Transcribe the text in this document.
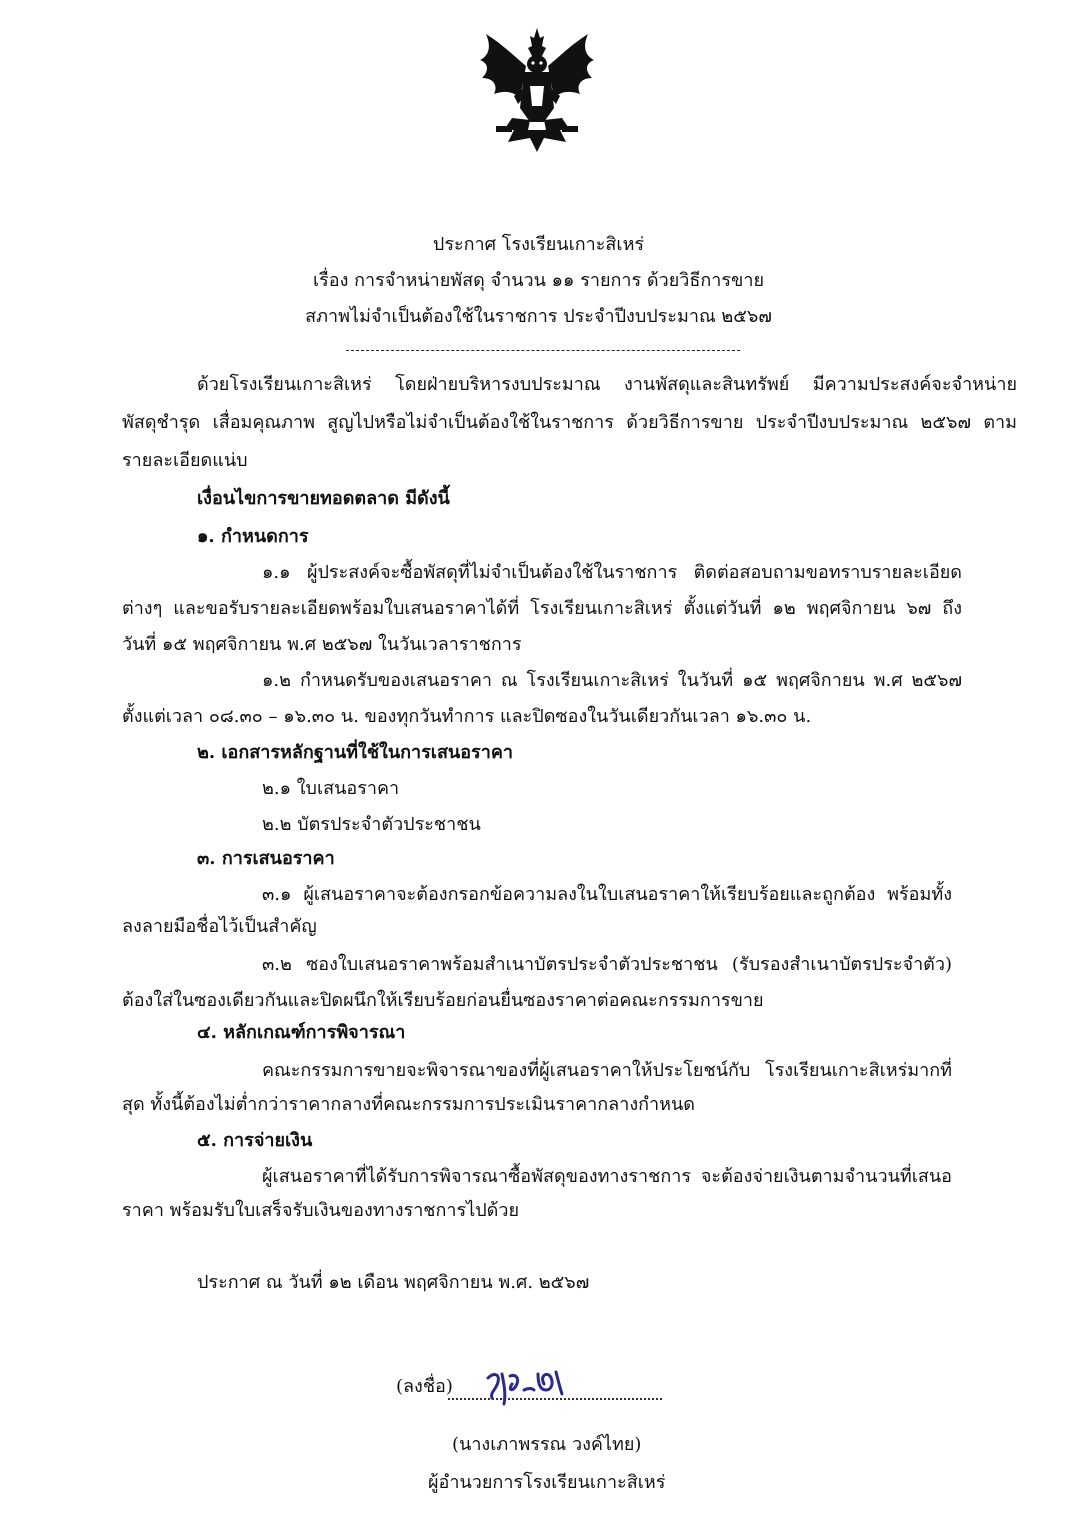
ประกาศ โรงเรียนเกาะสิเหร่
เรื่อง การจำหน่ายพัสดุ จำนวน ๑๑ รายการ ด้วยวิธีการขาย
สภาพไม่จำเป็นต้องใช้ในราชการ ประจำปีงบประมาณ ๒๕๖๗
ด้วยโรงเรียนเกาะสิเหร่ โดยฝ่ายบริหารงบประมาณ งานพัสดุและสินทรัพย์ มีความประสงค์จะจำหน่าย
พัสดุชำรุด เสื่อมคุณภาพ สูญไปหรือไม่จำเป็นต้องใช้ในราชการ ด้วยวิธีการขาย ประจำปีงบประมาณ ๒๕๖๗ ตาม
รายละเอียดแน่บ
เงื่อนไขการขายทอดตลาด มีดังนี้
๑. กำหนดการ
๑.๑ ผู้ประสงค์จะซื้อพัสดุที่ไม่จำเป็นต้องใช้ในราชการ ติดต่อสอบถามขอทราบรายละเอียด
ต่างๆ และขอรับรายละเอียดพร้อมใบเสนอราคาได้ที่ โรงเรียนเกาะสิเหร่ ตั้งแต่วันที่ ๑๒ พฤศจิกายน ๖๗ ถึง
วันที่ ๑๕ พฤศจิกายน พ.ศ ๒๕๖๗ ในวันเวลาราชการ
๑.๒ กำหนดรับของเสนอราคา ณ โรงเรียนเกาะสิเหร่ ในวันที่ ๑๕ พฤศจิกายน พ.ศ ๒๕๖๗
ตั้งแต่เวลา ๐๘.๓๐ – ๑๖.๓๐ น. ของทุกวันทำการ และปิดซองในวันเดียวกันเวลา ๑๖.๓๐ น.
๒. เอกสารหลักฐานที่ใช้ในการเสนอราคา
๒.๑ ใบเสนอราคา
๒.๒ บัตรประจำตัวประชาชน
๓. การเสนอราคา
๓.๑ ผู้เสนอราคาจะต้องกรอกข้อความลงในใบเสนอราคาให้เรียบร้อยและถูกต้อง พร้อมทั้ง
ลงลายมือชื่อไว้เป็นสำคัญ
๓.๒ ซองใบเสนอราคาพร้อมสำเนาบัตรประจำตัวประชาชน (รับรองสำเนาบัตรประจำตัว)
ต้องใส่ในซองเดียวกันและปิดผนึกให้เรียบร้อยก่อนยื่นซองราคาต่อคณะกรรมการขาย
๔. หลักเกณฑ์การพิจารณา
คณะกรรมการขายจะพิจารณาของที่ผู้เสนอราคาให้ประโยชน์กับ โรงเรียนเกาะสิเหร่มากที่
สุด ทั้งนี้ต้องไม่ต่ำกว่าราคากลางที่คณะกรรมการประเมินราคากลางกำหนด
๕. การจ่ายเงิน
ผู้เสนอราคาที่ได้รับการพิจารณาซื้อพัสดุของทางราชการ จะต้องจ่ายเงินตามจำนวนที่เสนอ
ราคา พร้อมรับใบเสร็จรับเงินของทางราชการไปด้วย
ประกาศ ณ วันที่ ๑๒ เดือน พฤศจิกายน พ.ศ. ๒๕๖๗
(ลงชื่อ)
(นางเภาพรรณ วงค์ไทย)
ผู้อำนวยการโรงเรียนเกาะสิเหร่
